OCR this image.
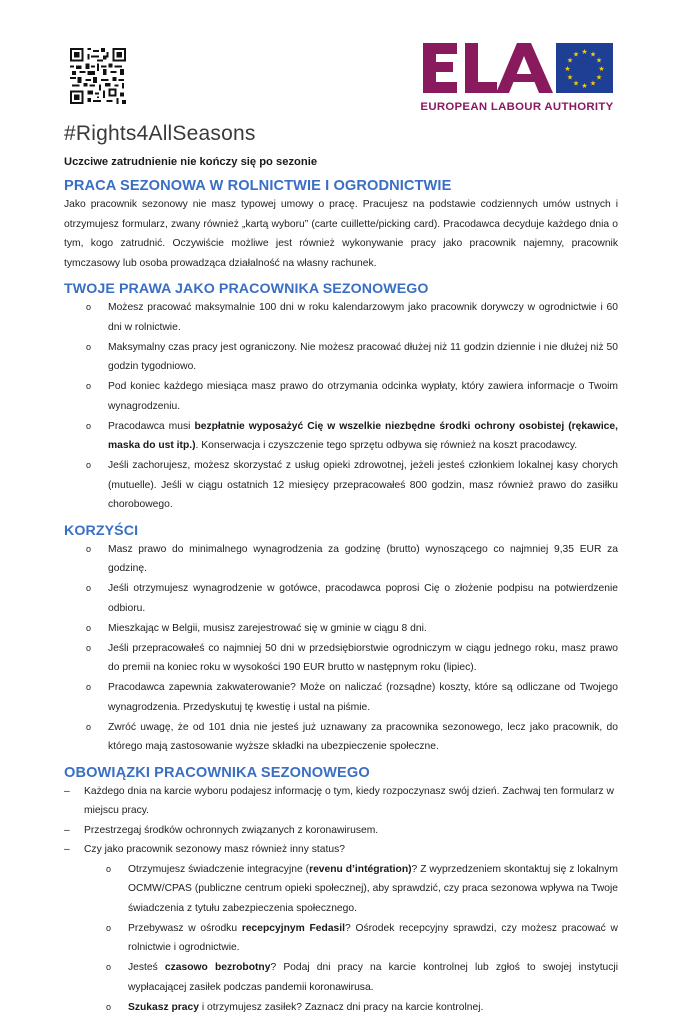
★ ★
★
★
★
★
★
★
★
★
★
★
EUROPEAN LABOUR AUTHORITY
#Rights4AllSeasons
Uczciwe zatrudnienie nie kończy się po sezonie
PRACA SEZONOWA W ROLNICTWIE I OGRODNICTWIE

Jako pracownik sezonowy nie masz typowej umowy o pracę. Pracujesz na podstawie codziennych umów ustnych i otrzymujesz formularz, zwany również „kartą wyboru” (carte cuillette/picking card). Pracodawca decyduje każdego dnia o tym, kogo zatrudnić. Oczywiście możliwe jest również wykonywanie pracy jako pracownik najemny, pracownik tymczasowy lub osoba prowadząca działalność na własny rachunek.

TWOJE PRAWA JAKO PRACOWNIKA SEZONOWEGO
o Możesz pracować maksymalnie 100 dni w roku kalendarzowym jako pracownik dorywczy w ogrodnictwie i 60 dni w rolnictwie.
o Maksymalny czas pracy jest ograniczony. Nie możesz pracować dłużej niż 11 godzin dziennie i nie dłużej niż 50 godzin tygodniowo.
o Pod koniec każdego miesiąca masz prawo do otrzymania odcinka wypłaty, który zawiera informacje o Twoim wynagrodzeniu.
o Pracodawca musi bezpłatnie wyposażyć Cię w wszelkie niezbędne środki ochrony osobistej (rękawice, maska do ust itp.). Konserwacja i czyszczenie tego sprzętu odbywa się również na koszt pracodawcy.
o Jeśli zachorujesz, możesz skorzystać z usług opieki zdrowotnej, jeżeli jesteś członkiem lokalnej kasy chorych (mutuelle). Jeśli w ciągu ostatnich 12 miesięcy przepracowałeś 800 godzin, masz również prawo do zasiłku chorobowego.
KORZYŚCI
o Masz prawo do minimalnego wynagrodzenia za godzinę (brutto) wynoszącego co najmniej 9,35 EUR za godzinę.
o Jeśli otrzymujesz wynagrodzenie w gotówce, pracodawca poprosi Cię o złożenie podpisu na potwierdzenie odbioru.
o Mieszkając w Belgii, musisz zarejestrować się w gminie w ciągu 8 dni.
o Jeśli przepracowałeś co najmniej 50 dni w przedsiębiorstwie ogrodniczym w ciągu jednego roku, masz prawo do premii na koniec roku w wysokości 190 EUR brutto w następnym roku (lipiec).
o Pracodawca zapewnia zakwaterowanie? Może on naliczać (rozsądne) koszty, które są odliczane od Twojego wynagrodzenia. Przedyskutuj tę kwestię i ustal na piśmie.
o Zwróć uwagę, że od 101 dnia nie jesteś już uznawany za pracownika sezonowego, lecz jako pracownik, do którego mają zastosowanie wyższe składki na ubezpieczenie społeczne.
OBOWIĄZKI PRACOWNIKA SEZONOWEGO
– Każdego dnia na karcie wyboru podajesz informację o tym, kiedy rozpoczynasz swój dzień. Zachwaj ten formularz w miejscu pracy.
– Przestrzegaj środków ochronnych związanych z koronawirusem.
– Czy jako pracownik sezonowy masz również inny status?
o Otrzymujesz świadczenie integracyjne (revenu d’intégration)? Z wyprzedzeniem skontaktuj się z lokalnym OCMW/CPAS (publiczne centrum opieki społecznej), aby sprawdzić, czy praca sezonowa wpływa na Twoje świadczenia z tytułu zabezpieczenia społecznego.
o Przebywasz w ośrodku recepcyjnym Fedasil? Ośrodek recepcyjny sprawdzi, czy możesz pracować w rolnictwie i ogrodnictwie.
o Jesteś czasowo bezrobotny? Podaj dni pracy na karcie kontrolnej lub zgłoś to swojej instytucji wypłacającej zasiłek podczas pandemii koronawirusa.
o Szukasz pracy i otrzymujesz zasiłek? Zaznacz dni pracy na karcie kontrolnej.
